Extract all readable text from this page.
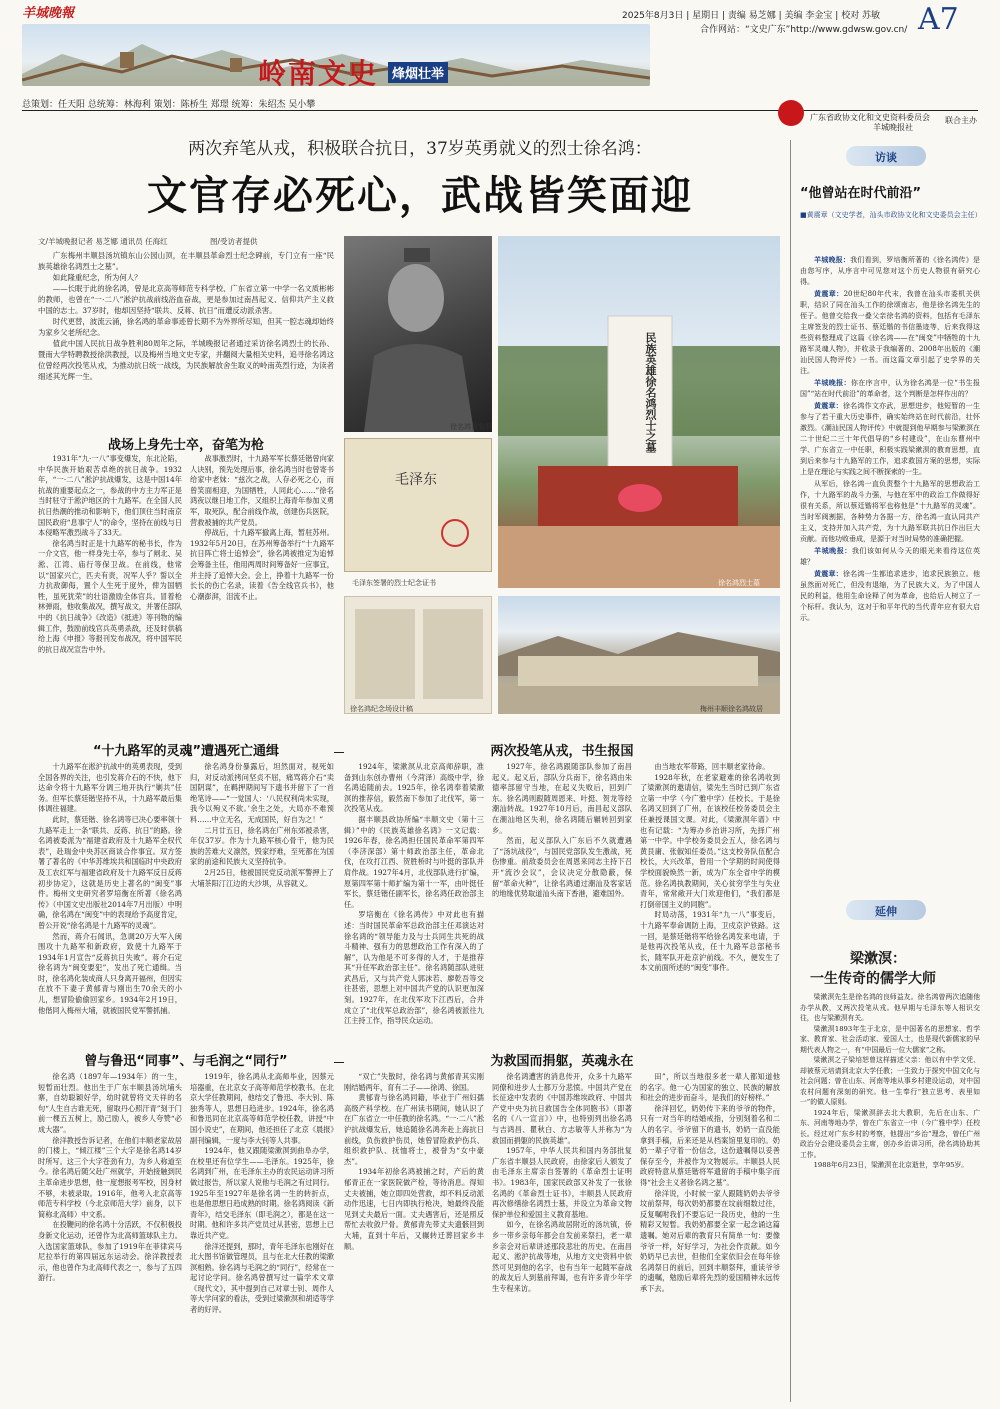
羊城晚報
岭南文史	烽烟壮举
2025年8月3日 | 星期日 | 责编 易芝娜 | 美编 李金宝 | 校对 苏敏
合作网站：“文史广东”http://www.gdwsw.gov.cn/ A7
总策划：任天阳 总统筹：林海利 策划：陈桥生 郑璟 统筹：朱绍杰 吴小攀
广东省政协文化和文史资料委员会 联合主办
羊城晚报社
两次弃笔从戎，积极联合抗日，37岁英勇就义的烈士徐名鸿：
文官存必死心，武战皆笑面迎
文/羊城晚报记者 易芝娜 通讯员 任海红	图/受访者提供

广东梅州丰顺县汤坑镇东山公园山顶，在丰顺县革命烈士纪念碑前，专门立有一座“民族英雄徐名鸿烈士之墓”。

如此隆重纪念，所为何人？

——长眠于此的徐名鸿，曾是北京高等师范专科学校、广东省立第一中学一名文质彬彬的教师，也曾在“一·二八”淞沪抗战前线浴血奋战，更是参加过南昌起义、信仰共产主义救中国的志士。37岁时，他却因坚持“联共、反蒋、抗日”而遭反动派杀害。

时代更替，波流云涌，徐名鸿的革命事迹曾长期不为外界所尽知，但其一腔志魂却始终为家乡父老所纪念。

值此中国人民抗日战争胜利80周年之际，羊城晚报记者通过采访徐名鸿烈士的长孙、暨南大学特聘教授徐洪教授，以及梅州当地文史专家，并翻阅大量相关史料，追寻徐名鸿这位曾经两次投笔从戎，为推动抗日统一战线，为民族解放舍生取义的岭南英烈行迹，为读者细述其光辉一生。

徐名鸿戎装照	民族英雄徐名鸿烈士之墓
徐名鸿烈士墓
毛泽东
毛泽东签署的烈士纪念证书
战场上身先士卒，奋笔为枪

1931年“九·一八”事变爆发，东北沦陷，中华民族开始艰苦卓绝的抗日战争。1932年，“一·二八”淞沪抗战爆发，这是中国14年抗战的重要起点之一，参战的中方主力军正是当时驻守于淞沪地区的十九路军。在全国人民抗日热潮的推动和影响下，他们顶住当时南京国民政府“息事宁人”的命令，坚持在前线与日本侵略军激烈战斗了33天。

徐名鸿当时正是十九路军的秘书长，作为一介文官，他一样身先士卒，参与了闸北、吴淞、江湾、庙行等保卫战。在前线，他常以“国家兴亡，匹夫有责，况军人乎？誓以全力抗敌御侮，置个人生死于度外，俾为国牺牲，虽死犹荣”的壮语激励全体官兵。冒着枪林弹雨，他收集战况，撰写战文，并署任部队中的《抗日战争》《改造》《抵进》等刊物的编辑工作，鼓励前线官兵英勇杀敌，还及时供稿给上海《申报》等报刊发布战况，将中国军民的抗日战况宣告中外。

战事激烈时，十九路军军长蔡廷锴曾向家人诀别，预先处理后事，徐名鸿当时也曾寄书给家中老妹：“兹次之战，人存必死之心，而曾笑面相迎，为国牺牲，人同此心……”徐名鸿夜以继日地工作，又组织上海青年参加义勇军，取死队，配合前线作战，创建伤兵医院，营救被捕的共产党员。

停战后，十九路军撤离上海，暂驻苏州。1932年5月20日，在苏州筹备举行“十九路军抗日阵亡将士追悼会”，徐名鸿被推定为追悼会筹备主任，他用两周时间筹备好一应事宜，并主持了追悼大会。会上，挣着十九路军一份长长的伤亡名录，读着《告全线官兵书》，他心潮澎湃，泪流不止。

徐名鸿纪念场设计稿	梅州丰顺徐名鸿故居
“十九路军的灵魂”遭遇死亡通缉

十九路军在淞沪抗战中的英勇表现，受到全国各界的关注，也引发蒋介石的不快，他下达命令将十九路军分调三地开执行“剿共”任务。但军长蔡廷锴坚持不从，十九路军最后集体调往福建。

此时，蔡廷锴、徐名鸿等已决心要率领十九路军走上一条“联共、反蒋、抗日”的路。徐名鸿被委派为“福建省政府及十九路军全权代表”，赴瑞金中央苏区商谈合作事宜。双方签署了著名的《中华苏维埃共和国临时中央政府及工农红军与福建省政府及十九路军反日反蒋初步协定》，这就是历史上著名的“闽变”事件。梅州文史研究者罗培衡在所著《徐名鸿传》（中国文史出版社2014年7月出版）中明确，徐名鸿在“闽变”中的表现给予高度肯定，曾公开说“徐名鸿是十九路军的灵魂”。

然而，蒋介石闻讯，急调20万大军入闽围攻十九路军和新政府，致使十九路军于1934年1月宣告“反蒋抗日失败”。蒋介石定徐名鸿为“闽变要犯”，发出了死亡通缉。当时，徐名鸿化装成商人只身离开福州，但因实在放不下妻子黄郁青与刚出生70余天的小儿，想冒险偷偷回家乡。1934年2月19日，他偕同入梅州大埔，就被国民党军警抓捕。

徐名鸿身份暴露后，坦然面对，视死如归，对反动派拷问坚贞不屈，痛骂蒋介石“卖国阴谋”，在羁押期间写下遗书并留下了一首绝笔诗——“一觉国人：‘八民权利尚未实现，我今以殉义不欲。’余生之处，大局亦不难预料……中立无名，无成国民，好自为之！”

二月廿五日，徐名鸿在广州东郊被杀害，年仅37岁。作为十九路军核心骨干，他为民族的苦难大义凛然，毁家纾难，至死都在为国家的前途和民族大义坚持抗争。

2月25日，他被国民党反动派军警押上了大埔茶阳汀江边的大沙埧，从容就义。

两次投笔从戎，书生报国

1924年，梁漱溟从北京高师辞职，准备到山东创办曹州（今菏泽）高级中学，徐名鸿追随前去。1925年，徐名鸿奉着梁漱溟的推荐信，毅然南下参加了北伐军，第一次投笔从戎。

据丰顺县政协所编“丰顺文史（第十三辑）”中的《民族英雄徐名鸿》一文记载：1926年春，徐名鸿担任国民革命军第四军（李济深部）第十师政治部主任，革命北伐，在攻打江西、贺胜桥时与叶挺的部队并肩作战。1927年4月，北伐部队进行扩编，原第四军第十师扩编为第十一军，由叶挺任军长，蔡廷锴任副军长，徐名鸿任政治部主任。

罗培衡在《徐名鸿传》中对此也有描述：当时国民革命军总政治部主任邓演达对徐名鸿的“领导能力及与士兵同生共死的战斗精神、强有力的思想政治工作有深入的了解”，认为他是不可多得的人才，于是推荐其“升任军政治部主任”。徐名鸿随部队进驻武昌后，又与共产党人郭沫若、廖乾吾等交往甚密，思想上对中国共产党的认识更加深刻。1927年，在北伐军攻下江西后，合并成立了“北伐军总政治部”，徐名鸿被派往九江主持工作，指导民众运动。

1927年，徐名鸿跟随部队参加了南昌起义。起义后，部队分兵南下，徐名鸿由朱德率部留守当地，在起义失败后，回到广东。徐名鸿则跟随周恩来、叶挺、贺龙等经潮汕转战。1927年10月后，南昌起义部队在潮汕地区失利，徐名鸿随后辗转回到家乡。

然而，起义部队入广东后不久就遭遇了“汤坑战役”，与国民党部队发生激战，死伤惨重。前敌委员会在周恩来同志主持下召开“流沙会议”，会议决定分散隐蔽，保留“革命火种”，让徐名鸿通过潮汕及客家话的地缘优势取道汕头南下香港，避难国外。

由当地农军带路，回丰顺老家待命。

1928年秋，在老家避难的徐名鸿收到了梁漱溟的邀请信，梁先生当时已到广东省立第一中学（今广雅中学）任校长。于是徐名鸿又回到了广州，在该校任校务委员会主任兼授课国文课。对此，《梁漱溟年谱》中也有记载：“为筹办乡治讲习所，先择广州第一中学。中学校务委员会五人，徐名鸿与黄艮庸、张俶知任委员。”这支校务队伍配合校长，大兴改革，曾用一个学期的时间使得学校面貌焕然一新，成为广东全省中学的模范。徐名鸿执教期间，关心贫穷学生与失业青年，常常敞开大门欢迎他们，“我们都是打倒帝国主义的同胞”。

时局动荡，1931年“九一八”事变后，十九路军奉命调防上海，卫戍京沪铁路。这一回，是蔡廷锴将军给徐名鸿发来电请，于是他再次投笔从戎，任十九路军总部秘书长，随军队开赴京沪前线。不久，便发生了本文前面所述的“闽变”事件。

曾与鲁迅“同事”、与毛润之“同行”

徐名鸿（1897年—1934年）的一生，短暂而壮烈。他出生于广东丰顺县汤坑埔头寨，自幼聪颖好学，幼时就曾将文天祥的名句“人生自古谁无死，留取丹心照汗青”刻于门前一棵五五树上，励己励人，被乡人夸赞“必成大器”。

徐洋教授告诉记者，在他们丰顺老家故居的门楼上，“倾江楼”三个大字是徐名鸿14岁时所写。这三个大字苍劲有力，为乡人称道至今。徐名鸿后随父赴广州就学，开始接触到民主革命进步思想，他一度想报考军校，因身材不够，未被录取。1916年，他考入北京高等师范专科学校（今北京师范大学）前身，以下简称北高师）中文系。

在投鞭问的徐名鸿十分活跃，不仅积极投身新文化运动，还曾作为北高师篮球队主力。入选国家篮球队，参加了1919年在菲律宾马尼拉举行的第四届远东运动会。徐洋教授表示，他也曾作为北高师代表之一，参与了五四游行。

1919年，徐名鸿从北高师毕业，因蔡元培器重，在北京女子高等师范学校教书。在北京大学任教期间，他结交了鲁迅、李大钊、陈独秀等人，思想日趋进步。1924年，徐名鸿和鲁迅同在北京高等师范学校任教，讲授“中国小说史”，在期间，他还担任了北京《晨报》副刊编辑，一度与李大钊等人共事。

1924年，他又跟随梁漱溟到曲阜办学，在校里还有位学生——毛泽东。1925年，徐名鸿到广州，在毛泽东主办的农民运动讲习所做过报告，所以家人说他与毛润之有过同行。1925年至1927年是徐名鸿一生的转折点，也是他思想日趋成熟的时期。徐名鸿阅读《新青年》，结交毛泽东（即毛润之），都是在这一时期。他和许多共产党员过从甚密，思想上已靠近共产党。

徐洋还提到，那时，青年毛泽东也刚好在北大图书馆做管理员，且与在北大任教的梁漱溟相熟。徐名鸿与毛润之的“同行”，经常在一起讨论学问。徐名鸿曾撰写过一篇学术文章《现代文》，其中提到自己对章士钊、周作人等大学问家的看法，受到过梁漱溟和胡适等学者的好评。

为救国而捐躯，英魂永在

“双亡”失散时，徐名鸿与黄郁青其实刚刚结婚两年，育有二子——徐鸿、徐国。

黄郁青与徐名鸿同籍，毕业于广州妇孺高级产科学校。在广州读书期间，她认识了在广东省立一中任教的徐名鸿。“一·二八”淞沪抗战爆发后，她追随徐名鸿奔赴上海抗日前线，负伤救护伤员，她曾冒险救护伤兵、组织救护队、抚恤将士，被誉为“女中豪杰”。

1934年初徐名鸿被捕之时，产后的黄郁青正在一家医院做产检，等待消息。得知丈夫被捕，她立即四处营救，却不料反动派动作迅速，七日内即执行枪决，她最终没能见到丈夫最后一面。丈夫遇害后，还是照反帮忙去收敛尸骨。黄郁青先带丈夫遗骸回到大埔，直到十年后，又辗转迁葬回家乡丰顺。

徐名鸿遭害的消息传开，众多十九路军同僚和进步人士都万分悲愤。中国共产党在长征途中发表的《中国苏维埃政府、中国共产党中央为抗日救国告全体同胞书》（即著名的《八一宣言》）中，也特别列出徐名鸿与吉鸿昌、瞿秋白、方志敏等人并称为“为救国而捐躯的民族英雄”。

1957年，中华人民共和国内务部批复广东省丰顺县人民政府，由徐家后人颁发了由毛泽东主席亲自签署的《革命烈士证明书》。1983年，国家民政部又补发了一张徐名鸿的《革命烈士证书》，丰顺县人民政府再次修缮徐名鸿烈士墓，并设立为革命文物保护单位和爱国主义教育基地。

如今，在徐名鸿故居附近的汤坑镇，侨乡一带乡亲每年都会自发前来祭扫，老一辈乡亲会对后辈讲述那段悲壮的历史。在南昌起义、淞沪抗战等地，从地方文史资料中依然可见到他的名字，也有当年一起随军奋战的战友后人到墓前拜谒，也有许多青少年学生专程来访。

田”，所以当地很多老一辈人都知道他的名字。他一心为国家的独立、民族的解放和社会的进步而奋斗，是我们的好榜样。”

徐洋回忆，奶奶传下来的爷爷的物件，只有一对当年的结婚戒指，分别刻着名和二人的名字。爷爷留下的遗书，奶奶一直没能拿到手稿，后来还是从档案馆里复印的。奶奶一辈子守着一份信念，这份遗嘱得以妥善保存至今，并被作为文物展示。丰顺县人民政府特意从蔡廷锴将军遗留的手稿中集字而得“社会主义者徐名鸿之墓”。

徐洋说，小时候一家人跟随奶奶去爷爷坟前祭拜，每次奶奶都要在坟前细数过往，反复嘱咐我们不要忘记一段历史，他的一生精彩又短暂。我奶奶都要全家一起念诵这篇遗嘱。她对后辈的教育只有简单一句：要像爷爷一样，好好学习，为社会作贡献。如今奶奶早已去世，但他们全家依旧会在每年徐名鸿祭日的前后，回到丰顺祭拜，重读爷爷的遗嘱，勉励后辈将先烈的爱国精神永远传承下去。

访谈
“他曾站在时代前沿”
■黄震章（文史学者，汕头市政协文化和文史委员会主任）

羊城晚报：我们看到，罗培衡所著的《徐名鸿传》是由您写序，从序言中可见您对这个历史人物很有研究心得。

黄震章：20世纪80年代末，我曾在汕头市委机关供职，结识了同在汕头工作的徐颂南志，他是徐名鸿先生的侄子。他曾交给我一叠父亲徐名鸿的资料，包括有毛泽东主席签发的烈士证书、蔡廷锴的书信墨迹等，后来我得这些资料整理成了这篇《徐名鸿——在“闽变”中牺牲的十九路军灵魂人物》，并收录于我编著的、2008年出版的《潮汕民国人物评传》一书。而这篇文章引起了史学界的关注。

羊城晚报：你在序言中，认为徐名鸿是一位“书生报国”“站在时代前沿”的革命者，这个判断是怎样作出的？

黄震章：徐名鸿作文亦武，思想进步，他短暂的一生参与了若干重大历史事件，确实始终站在时代前沿，壮怀激烈。《潮汕民国人物评传》中就提到他早期参与梁漱溟在二十世纪二三十年代倡导的“乡村建设”，在山东曹州中学、广东省立一中任职，积极实践梁漱溟的教育思想，直到后来参与十九路军的工作，追求救国方案的思想，实际上是在理论与实践之间不断探索的一生。

从军后，徐名鸿一直负责整个十九路军的思想政治工作，十九路军的战斗力强，与他在军中的政治工作做得好很有关系，所以蔡廷锴将军也称他是“十九路军的灵魂”。当时军阀割据，各种势力各据一方，徐名鸿一直认同共产主义，支持并加入共产党，为十九路军联共抗日作出巨大贡献。而他功败垂成，是源于对当时局势的准确把握。

羊城晚报：我们该如何从今天的眼光来看待这位英雄？

黄震章：徐名鸿一生都追求进步，追求民族独立。他虽然面对死亡，但没有退缩，为了民族大义，为了中国人民的利益，他用生命诠释了何为革命，也给后人树立了一个标杆。我认为，这对于和平年代的当代青年应有很大启示。

延伸
梁漱溟：
一生传奇的儒学大师

梁漱溟先生是徐名鸿的良师益友。徐名鸿曾两次追随他办学从教，又两次投笔从戎。他早期与毛泽东等人相识交往，也与梁漱溟有关。

梁漱溟1893年生于北京，是中国著名的思想家、哲学家、教育家、社会活动家、爱国人士，也是现代新儒家的早期代表人物之一，有“中国最后一位大儒家”之称。

梁漱溟之子梁培恕曾这样描述父亲：他以有中学文凭、却被蔡元培请到北京大学任教；一生致力于探究中国文化与社会问题；曾在山东、河南等地从事乡村建设运动，对中国农村问题有深刻的研究。他一生奉行“独立思考、表里如一”的做人原则。

1924年后，梁漱溟辞去北大教职，先后在山东、广东、河南等地办学，曾在广东省立一中（今广雅中学）任校长。经过对广东乡村的考察，他提出“乡治”理念，曾任广州政治分会建设委员会主席，创办乡治讲习所，徐名鸿协助其工作。

1988年6月23日，梁漱溟在北京逝世，享年95岁。
